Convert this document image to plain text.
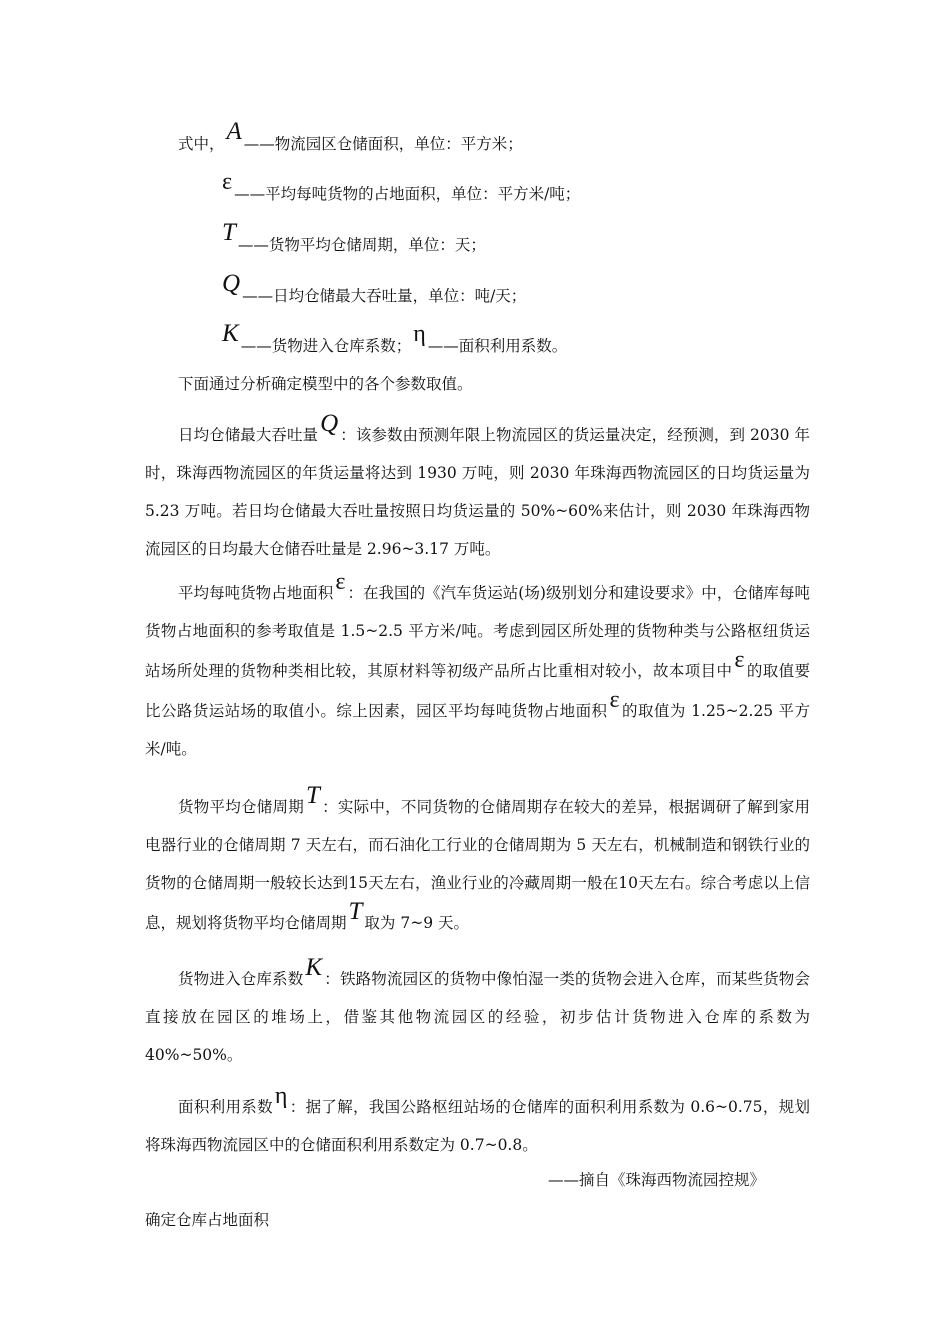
式中，A ——物流园区仓储面积，单位：平方米；
ε ——平均每吨货物的占地面积，单位：平方米/吨；
T ——货物平均仓储周期，单位：天；
Q ——日均仓储最大吞吐量，单位：吨/天；
K ——货物进入仓库系数；η ——面积利用系数。
下面通过分析确定模型中的各个参数取值。
日均仓储最大吞吐量Q ：该参数由预测年限上物流园区的货运量决定，经预测，到 2030 年时，珠海西物流园区的年货运量将达到 1930 万吨，则 2030 年珠海西物流园区的日均货运量为 5.23 万吨。若日均仓储最大吞吐量按照日均货运量的 50%~60%来估计，则 2030 年珠海西物流园区的日均最大仓储吞吐量是 2.96~3.17 万吨。
平均每吨货物占地面积ε ：在我国的《汽车货运站(场)级别划分和建设要求》中，仓储库每吨货物占地面积的参考取值是 1.5~2.5 平方米/吨。考虑到园区所处理的货物种类与公路枢纽货运站场所处理的货物种类相比较，其原材料等初级产品所占比重相对较小，故本项目中ε 的取值要比公路货运站场的取值小。综上因素，园区平均每吨货物占地面积ε 的取值为 1.25~2.25 平方米/吨。
货物平均仓储周期T ：实际中，不同货物的仓储周期存在较大的差异，根据调研了解到家用电器行业的仓储周期 7 天左右，而石油化工行业的仓储周期为 5 天左右，机械制造和钢铁行业的货物的仓储周期一般较长达到15天左右，渔业行业的冷藏周期一般在10天左右。综合考虑以上信息，规划将货物平均仓储周期T 取为 7~9 天。
货物进入仓库系数K ：铁路物流园区的货物中像怕湿一类的货物会进入仓库，而某些货物会直接放在园区的堆场上，借鉴其他物流园区的经验，初步估计货物进入仓库的系数为 40%~50%。
面积利用系数η ：据了解，我国公路枢纽站场的仓储库的面积利用系数为 0.6~0.75，规划将珠海西物流园区中的仓储面积利用系数定为 0.7~0.8。
——摘自《珠海西物流园控规》
确定仓库占地面积
